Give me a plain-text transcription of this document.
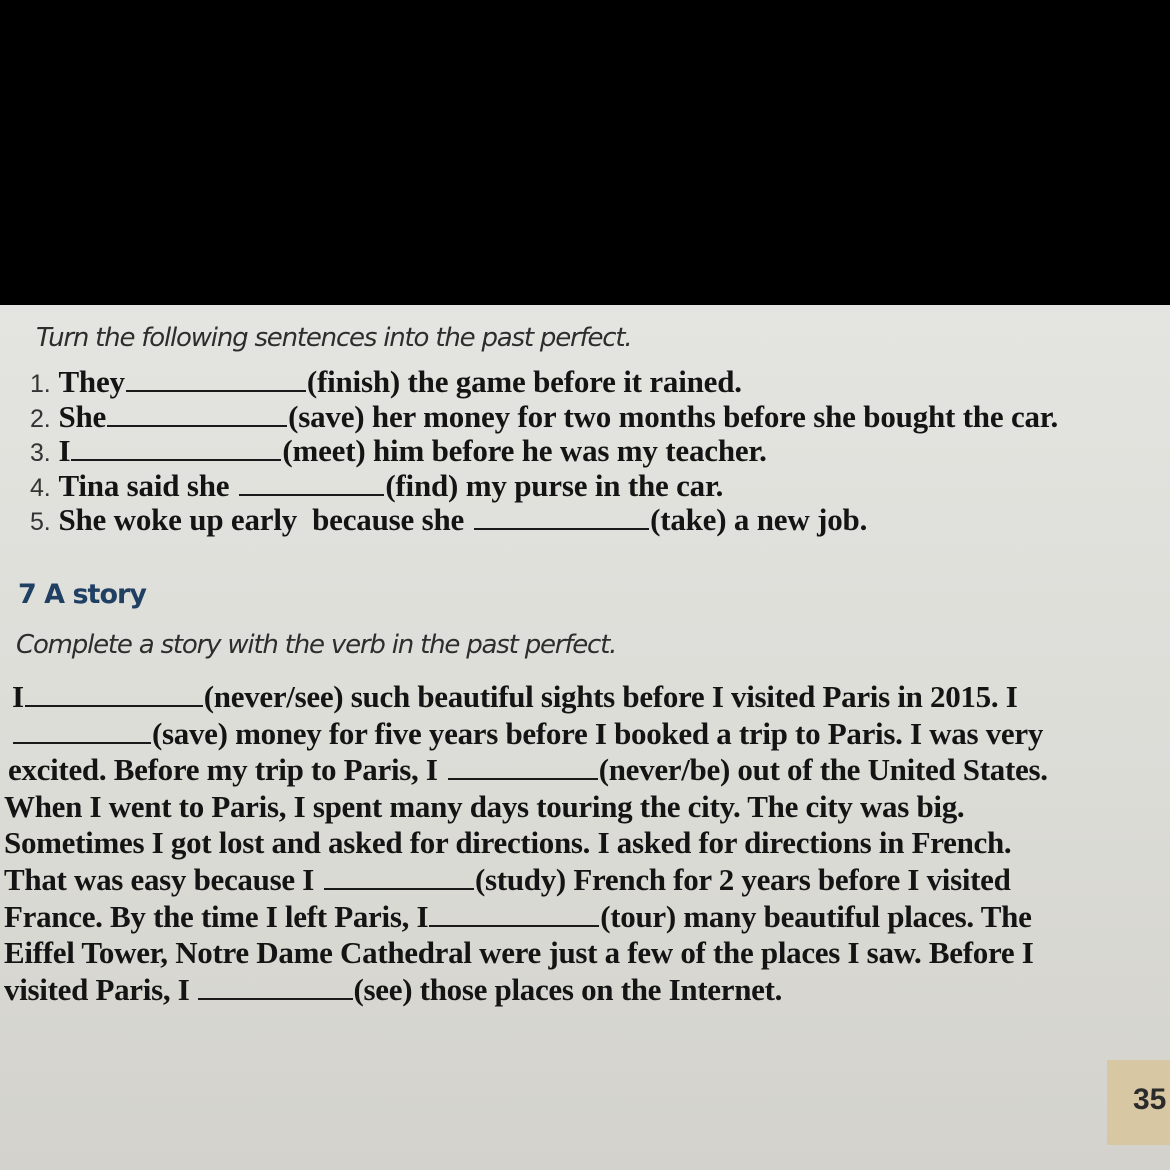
Turn the following sentences into the past perfect.
1. They	(finish) the game before it rained.
2. She	(save) her money for two months before she bought the car.
3. I	(meet) him before he was my teacher.
4. Tina said she	(find) my purse in the car.
5. She woke up early  because she	(take) a new job.
7 A story
Complete a story with the verb in the past perfect.
I	(never/see) such beautiful sights before I visited Paris in 2015. I
(save) money for five years before I booked a trip to Paris. I was very
excited. Before my trip to Paris, I	(never/be) out of the United States.
When I went to Paris, I spent many days touring the city. The city was big.
Sometimes I got lost and asked for directions. I asked for directions in French.
That was easy because I	(study) French for 2 years before I visited
France. By the time I left Paris, I	(tour) many beautiful places. The
Eiffel Tower, Notre Dame Cathedral were just a few of the places I saw. Before I
visited Paris, I	(see) those places on the Internet.
35
